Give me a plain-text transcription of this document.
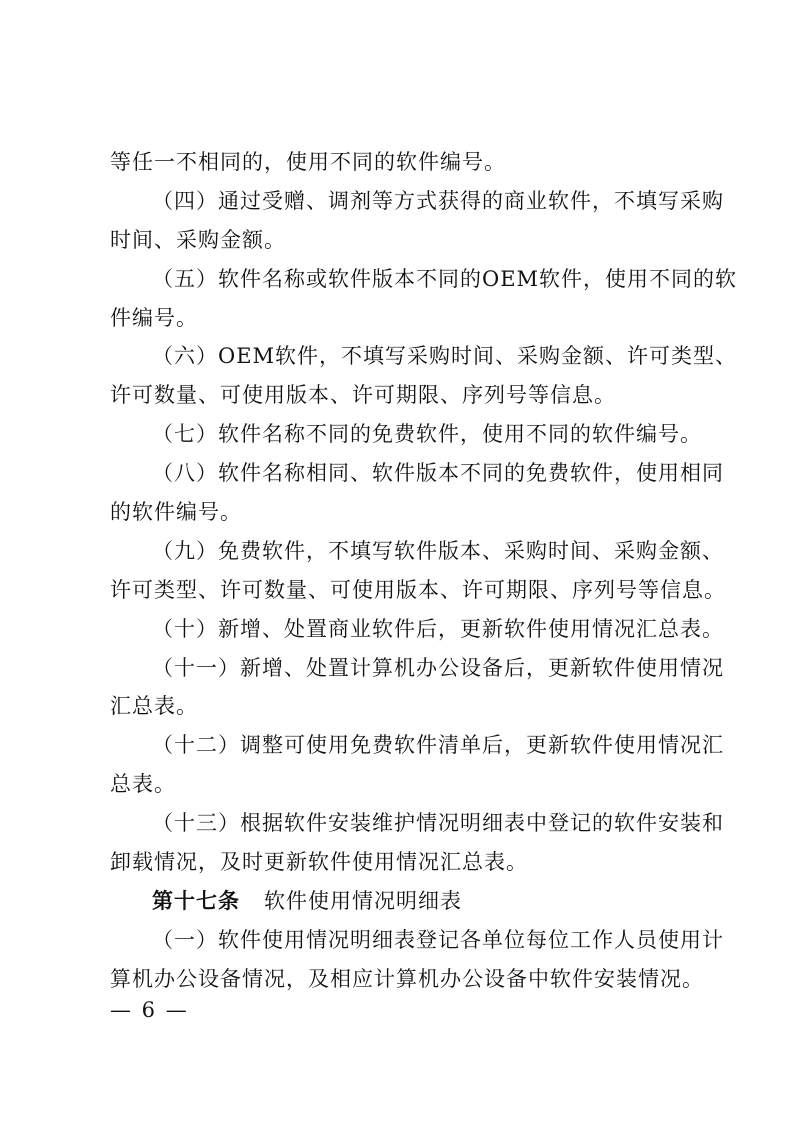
等任一不相同的，使用不同的软件编号。
（四）通过受赠、调剂等方式获得的商业软件，不填写采购
时间、采购金额。
（五）软件名称或软件版本不同的OEM软件，使用不同的软
件编号。
（六）OEM软件，不填写采购时间、采购金额、许可类型、
许可数量、可使用版本、许可期限、序列号等信息。
（七）软件名称不同的免费软件，使用不同的软件编号。
（八）软件名称相同、软件版本不同的免费软件，使用相同
的软件编号。
（九）免费软件，不填写软件版本、采购时间、采购金额、
许可类型、许可数量、可使用版本、许可期限、序列号等信息。
（十）新增、处置商业软件后，更新软件使用情况汇总表。
（十一）新增、处置计算机办公设备后，更新软件使用情况
汇总表。
（十二）调整可使用免费软件清单后，更新软件使用情况汇
总表。
（十三）根据软件安装维护情况明细表中登记的软件安装和
卸载情况，及时更新软件使用情况汇总表。
第十七条 软件使用情况明细表
（一）软件使用情况明细表登记各单位每位工作人员使用计
算机办公设备情况，及相应计算机办公设备中软件安装情况。
— 6 —
